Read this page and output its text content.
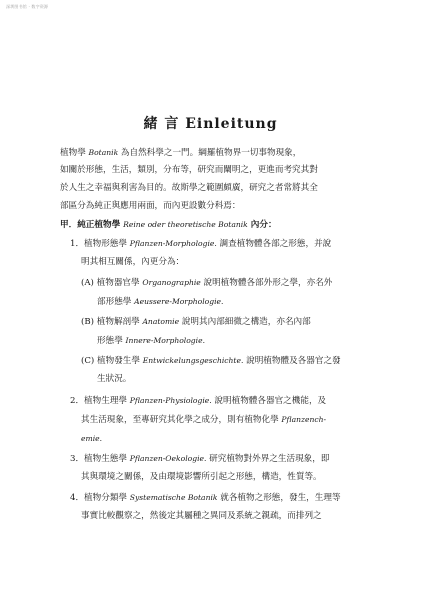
深圳图书馆 · 数字资源
緒 言 Einleitung
植物學 Botanik 為自然科學之一門。綱羅植物界一切事物現象，
如關於形態，生活，類別，分布等，研究而闡明之，更進而考究其對
於人生之幸福與利害為目的。故斯學之範圍頗廣，研究之者常將其全
部區分為純正與應用兩面，而內更設數分科焉：
甲．純正植物學 Reine oder theoretische Botanik 內分：
1．植物形態學 Pflanzen-Morphologie. 調查植物體各部之形態，并說
明其相互關係，內更分為：
(A) 植物器官學 Organographie 說明植物體各部外形之學，亦名外
部形態學 Aeussere-Morphologie.
(B) 植物解剖學 Anatomie 說明其內部細微之構造，亦名內部
形態學 Innere-Morphologie.
(C) 植物發生學 Entwickelungsgeschichte. 說明植物體及各器官之發
生狀況。
2．植物生理學 Pflanzen-Physiologie. 說明植物體各器官之機能，及
其生活現象，至專研究其化學之成分，則有植物化學 Pflanzench-
emie.
3．植物生態學 Pflanzen-Oekologie. 研究植物對外界之生活現象，即
其與環境之關係，及由環境影響所引起之形態，構造，性質等。
4．植物分類學 Systematische Botanik 就各植物之形態，發生，生理等
事實比較觀察之，然後定其屬種之異同及系統之親疏，而排列之
